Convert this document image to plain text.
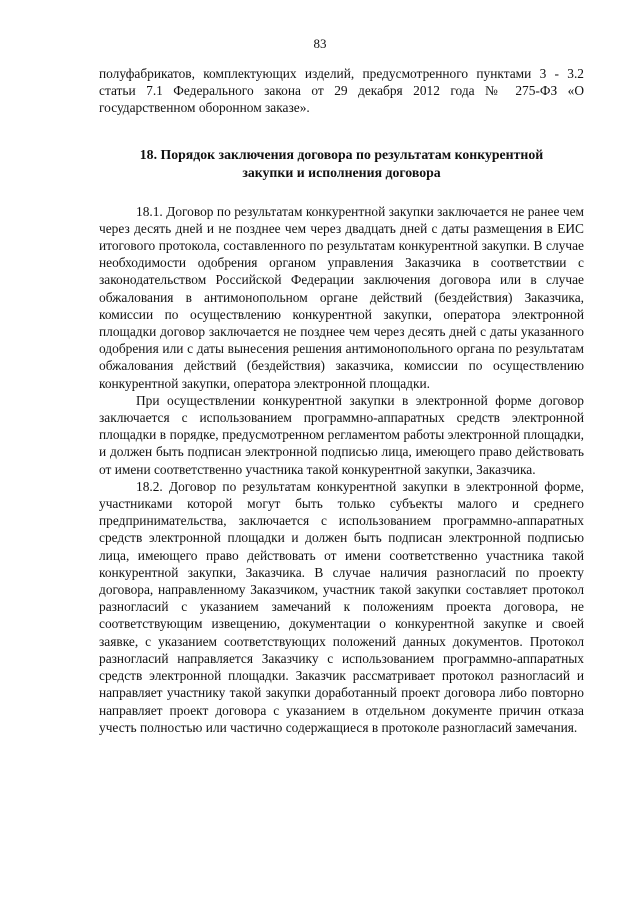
83

полуфабрикатов, комплектующих изделий, предусмотренного пунктами 3 - 3.2 статьи 7.1 Федерального закона от 29 декабря 2012 года № 275-ФЗ «О государственном оборонном заказе».

18. Порядок заключения договора по результатам конкурентной
закупки и исполнения договора

18.1. Договор по результатам конкурентной закупки заключается не ранее чем через десять дней и не позднее чем через двадцать дней с даты размещения в ЕИС итогового протокола, составленного по результатам конкурентной закупки. В случае необходимости одобрения органом управления Заказчика в соответствии с законодательством Российской Федерации заключения договора или в случае обжалования в антимонопольном органе действий (бездействия) Заказчика, комиссии по осуществлению конкурентной закупки, оператора электронной площадки договор заключается не позднее чем через десять дней с даты указанного одобрения или с даты вынесения решения антимонопольного органа по результатам обжалования действий (бездействия) заказчика, комиссии по осуществлению конкурентной закупки, оператора электронной площадки.

При осуществлении конкурентной закупки в электронной форме договор заключается с использованием программно-аппаратных средств электронной площадки в порядке, предусмотренном регламентом работы электронной площадки, и должен быть подписан электронной подписью лица, имеющего право действовать от имени соответственно участника такой конкурентной закупки, Заказчика.

18.2. Договор по результатам конкурентной закупки в электронной форме, участниками которой могут быть только субъекты малого и среднего предпринимательства, заключается с использованием программно-аппаратных средств электронной площадки и должен быть подписан электронной подписью лица, имеющего право действовать от имени соответственно участника такой конкурентной закупки, Заказчика. В случае наличия разногласий по проекту договора, направленному Заказчиком, участник такой закупки составляет протокол разногласий с указанием замечаний к положениям проекта договора, не соответствующим извещению, документации о конкурентной закупке и своей заявке, с указанием соответствующих положений данных документов. Протокол разногласий направляется Заказчику с использованием программно-аппаратных средств электронной площадки. Заказчик рассматривает протокол разногласий и направляет участнику такой закупки доработанный проект договора либо повторно направляет проект договора с указанием в отдельном документе причин отказа учесть полностью или частично содержащиеся в протоколе разногласий замечания.
